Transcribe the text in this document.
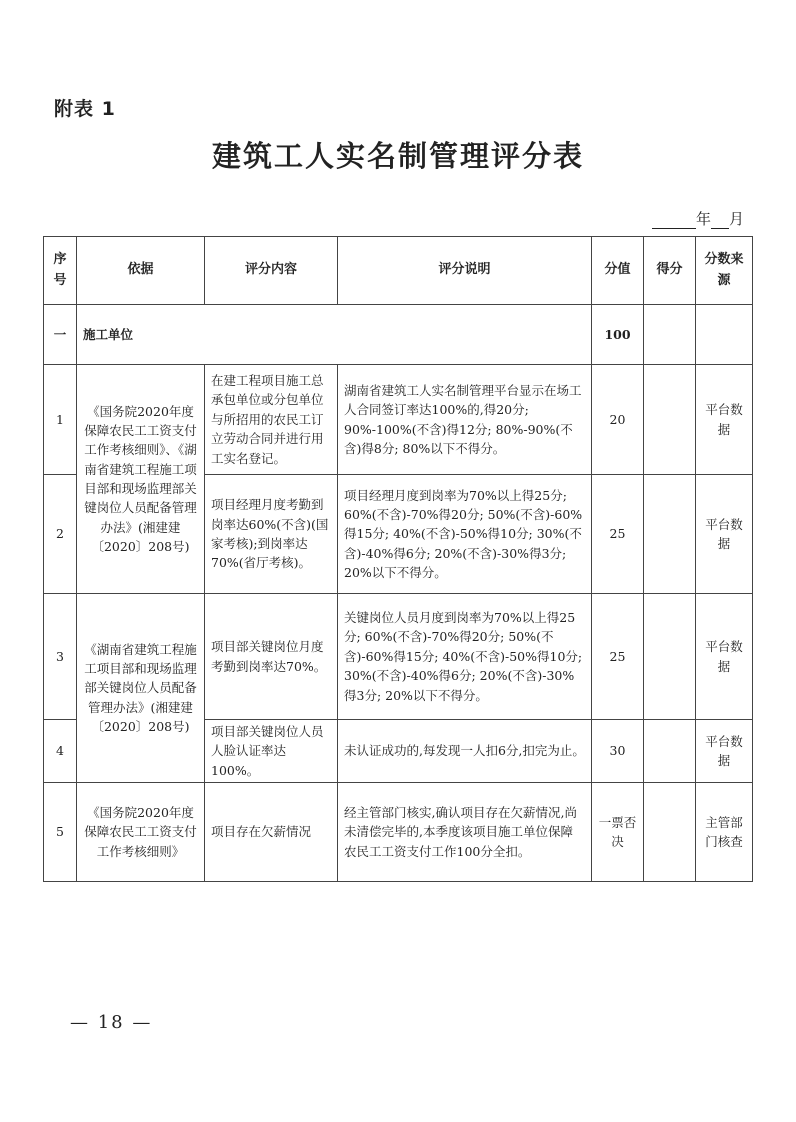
附表 1
建筑工人实名制管理评分表
年 月
序号	依据	评分内容	评分说明	分值	得分	分数来源
一	施工单位			100		
1	《国务院2020年度保障农民工工资支付工作考核细则》、《湖南省建筑工程施工项目部和现场监理部关键岗位人员配备管理办法》(湘建建〔2020〕208号)	在建工程项目施工总承包单位或分包单位与所招用的农民工订立劳动合同并进行用工实名登记。	湖南省建筑工人实名制管理平台显示在场工人合同签订率达100%的,得20分; 90%-100%(不含)得12分; 80%-90%(不含)得8分; 80%以下不得分。	20		平台数据
2		项目经理月度考勤到岗率达60%(不含)(国家考核);到岗率达70%(省厅考核)。	项目经理月度到岗率为70%以上得25分; 60%(不含)-70%得20分; 50%(不含)-60%得15分; 40%(不含)-50%得10分; 30%(不含)-40%得6分; 20%(不含)-30%得3分; 20%以下不得分。	25		平台数据
3	《湖南省建筑工程施工项目部和现场监理部关键岗位人员配备管理办法》(湘建建〔2020〕208号)	项目部关键岗位月度考勤到岗率达70%。	关键岗位人员月度到岗率为70%以上得25分; 60%(不含)-70%得20分; 50%(不含)-60%得15分; 40%(不含)-50%得10分; 30%(不含)-40%得6分; 20%(不含)-30%得3分; 20%以下不得分。	25		平台数据
4		项目部关键岗位人员人脸认证率达100%。	未认证成功的,每发现一人扣6分,扣完为止。	30		平台数据
5	《国务院2020年度保障农民工工资支付工作考核细则》	项目存在欠薪情况	经主管部门核实,确认项目存在欠薪情况,尚未清偿完毕的,本季度该项目施工单位保障农民工工资支付工作100分全扣。	一票否决		主管部门核查
— 18 —
